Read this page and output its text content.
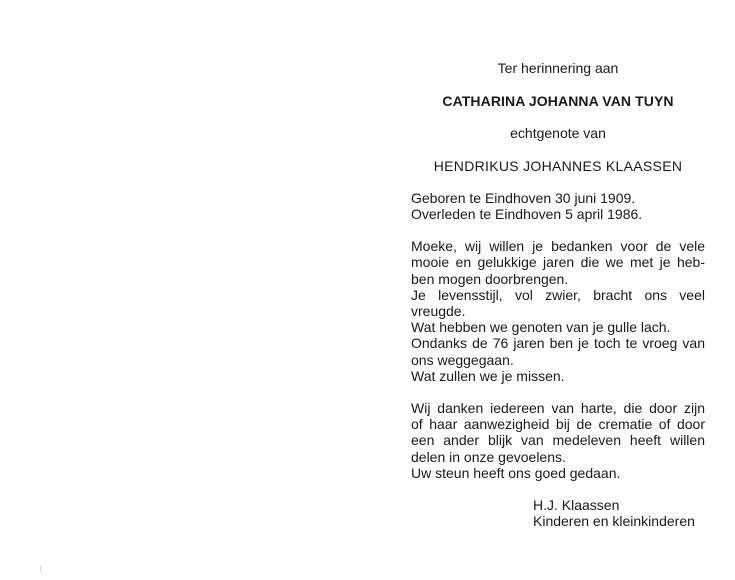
Ter herinnering aan

CATHARINA JOHANNA VAN TUYN

echtgenote van

HENDRIKUS JOHANNES KLAASSEN

Geboren te Eindhoven 30 juni 1909.
Overleden te Eindhoven 5 april 1986.
Moeke, wij willen je bedanken voor de vele
mooie en gelukkige jaren die we met je heb-
ben mogen doorbrengen.
Je levensstijl, vol zwier, bracht ons veel
vreugde.
Wat hebben we genoten van je gulle lach.
Ondanks de 76 jaren ben je toch te vroeg van
ons weggegaan.
Wat zullen we je missen.
Wij danken iedereen van harte, die door zijn
of haar aanwezigheid bij de crematie of door
een ander blijk van medeleven heeft willen
delen in onze gevoelens.
Uw steun heeft ons goed gedaan.
H.J. Klaassen
Kinderen en kleinkinderen
